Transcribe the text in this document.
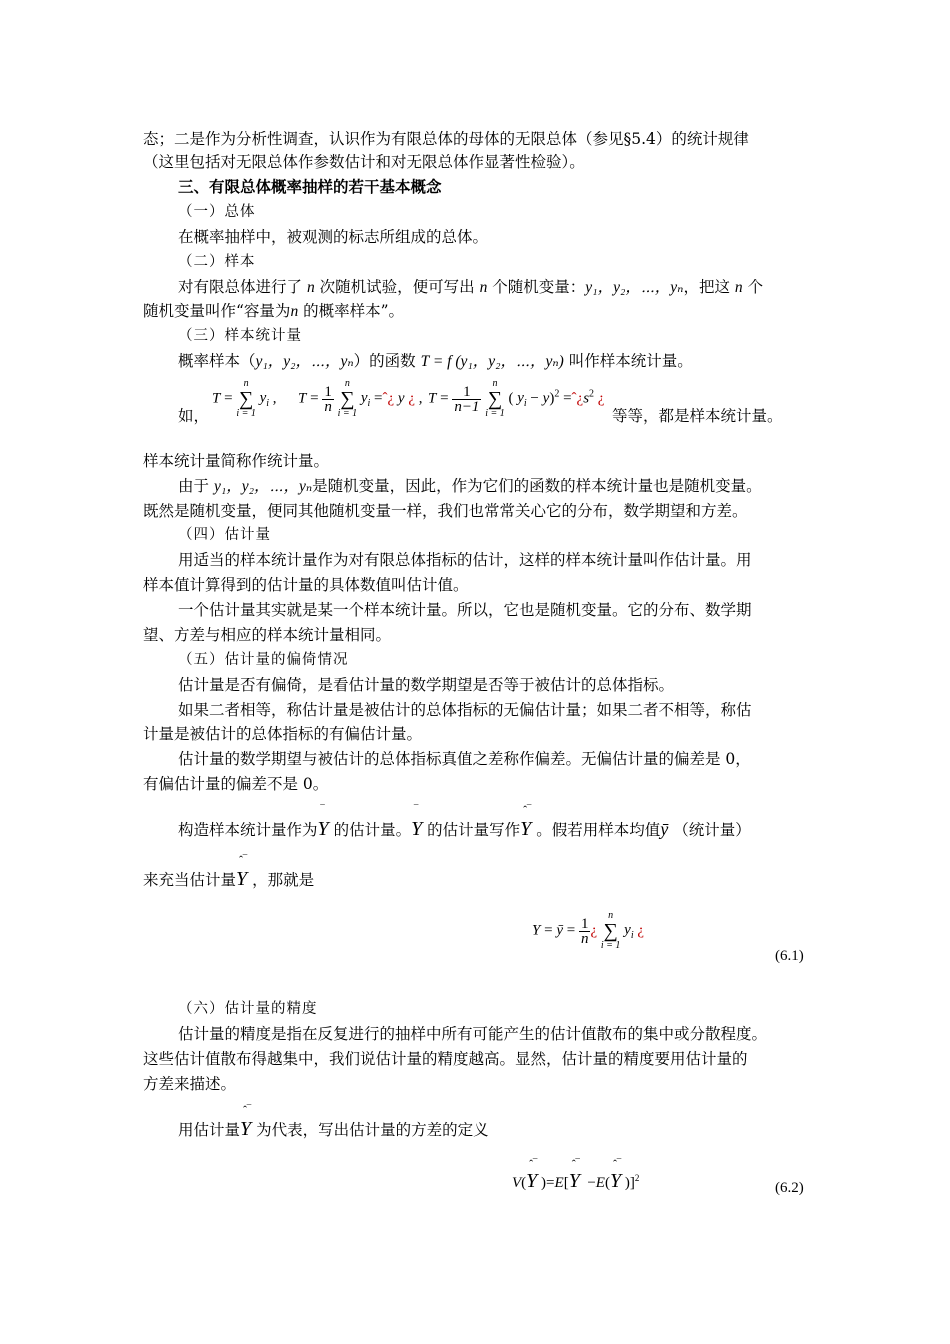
态；二是作为分析性调查，认识作为有限总体的母体的无限总体（参见§5.4）的统计规律
（这里包括对无限总体作参数估计和对无限总体作显著性检验）。
三、有限总体概率抽样的若干基本概念
（一）总体
在概率抽样中，被观测的标志所组成的总体。
（二）样本
对有限总体进行了 n 次随机试验，便可写出 n 个随机变量：y₁，y₂，⋯，yₙ，把这 n 个
随机变量叫作“容量为n 的概率样本”。
（三）样本统计量
概率样本（y₁，y₂，⋯，yₙ）的函数 T = f (y₁，y₂，⋯，yₙ) 叫作样本统计量。
如，
T =
n
∑
i = 1
$y_i$ , $T = \frac{1}{n}$

n
∑
i = 1
$y_i$ =ˆ¿ y ¿ , $T = \frac{1}{n-1}$

n
∑
i = 1
( $y_i - y)^2$ $=ˆ¿s^2$ ¿
等等，都是样本统计量。
样本统计量简称作统计量。
由于 y₁，y₂，⋯，yₙ是随机变量，因此，作为它们的函数的样本统计量也是随机变量。
既然是随机变量，便同其他随机变量一样，我们也常常关心它的分布，数学期望和方差。
（四）估计量
用适当的样本统计量作为对有限总体指标的估计，这样的样本统计量叫作估计量。用
样本值计算得到的估计量的具体数值叫估计值。
一个估计量其实就是某一个样本统计量。所以，它也是随机变量。它的分布、数学期
望、方差与相应的样本统计量相同。
（五）估计量的偏倚情况
估计量是否有偏倚，是看估计量的数学期望是否等于被估计的总体指标。
如果二者相等，称估计量是被估计的总体指标的无偏估计量；如果二者不相等，称估
计量是被估计的总体指标的有偏估计量。
估计量的数学期望与被估计的总体指标真值之差称作偏差。无偏估计量的偏差是 0，
有偏估计量的偏差不是 0。
构造样本统计量作为
‾
Y 的估计量。
‾
Y 的估计量写作
ˆ‾
Y 。假若用样本均值ȳ （统计量）
来充当估计量
ˆ‾
Y ，那就是
Y = ȳ = $\frac{1}{n}$ ¿
n
∑
i = 1
$y_i$ ¿
(6.1)
（六）估计量的精度
估计量的精度是指在反复进行的抽样中所有可能产生的估计值散布的集中或分散程度。
这些估计值散布得越集中，我们说估计量的精度越高。显然，估计量的精度要用估计量的
方差来描述。
用估计量
ˆ‾
Y 为代表，写出估计量的方差的定义
V(
ˆ‾
Y )=E[
ˆ‾
Y  −E(
ˆ‾
Y )]$^2$
(6.2)
